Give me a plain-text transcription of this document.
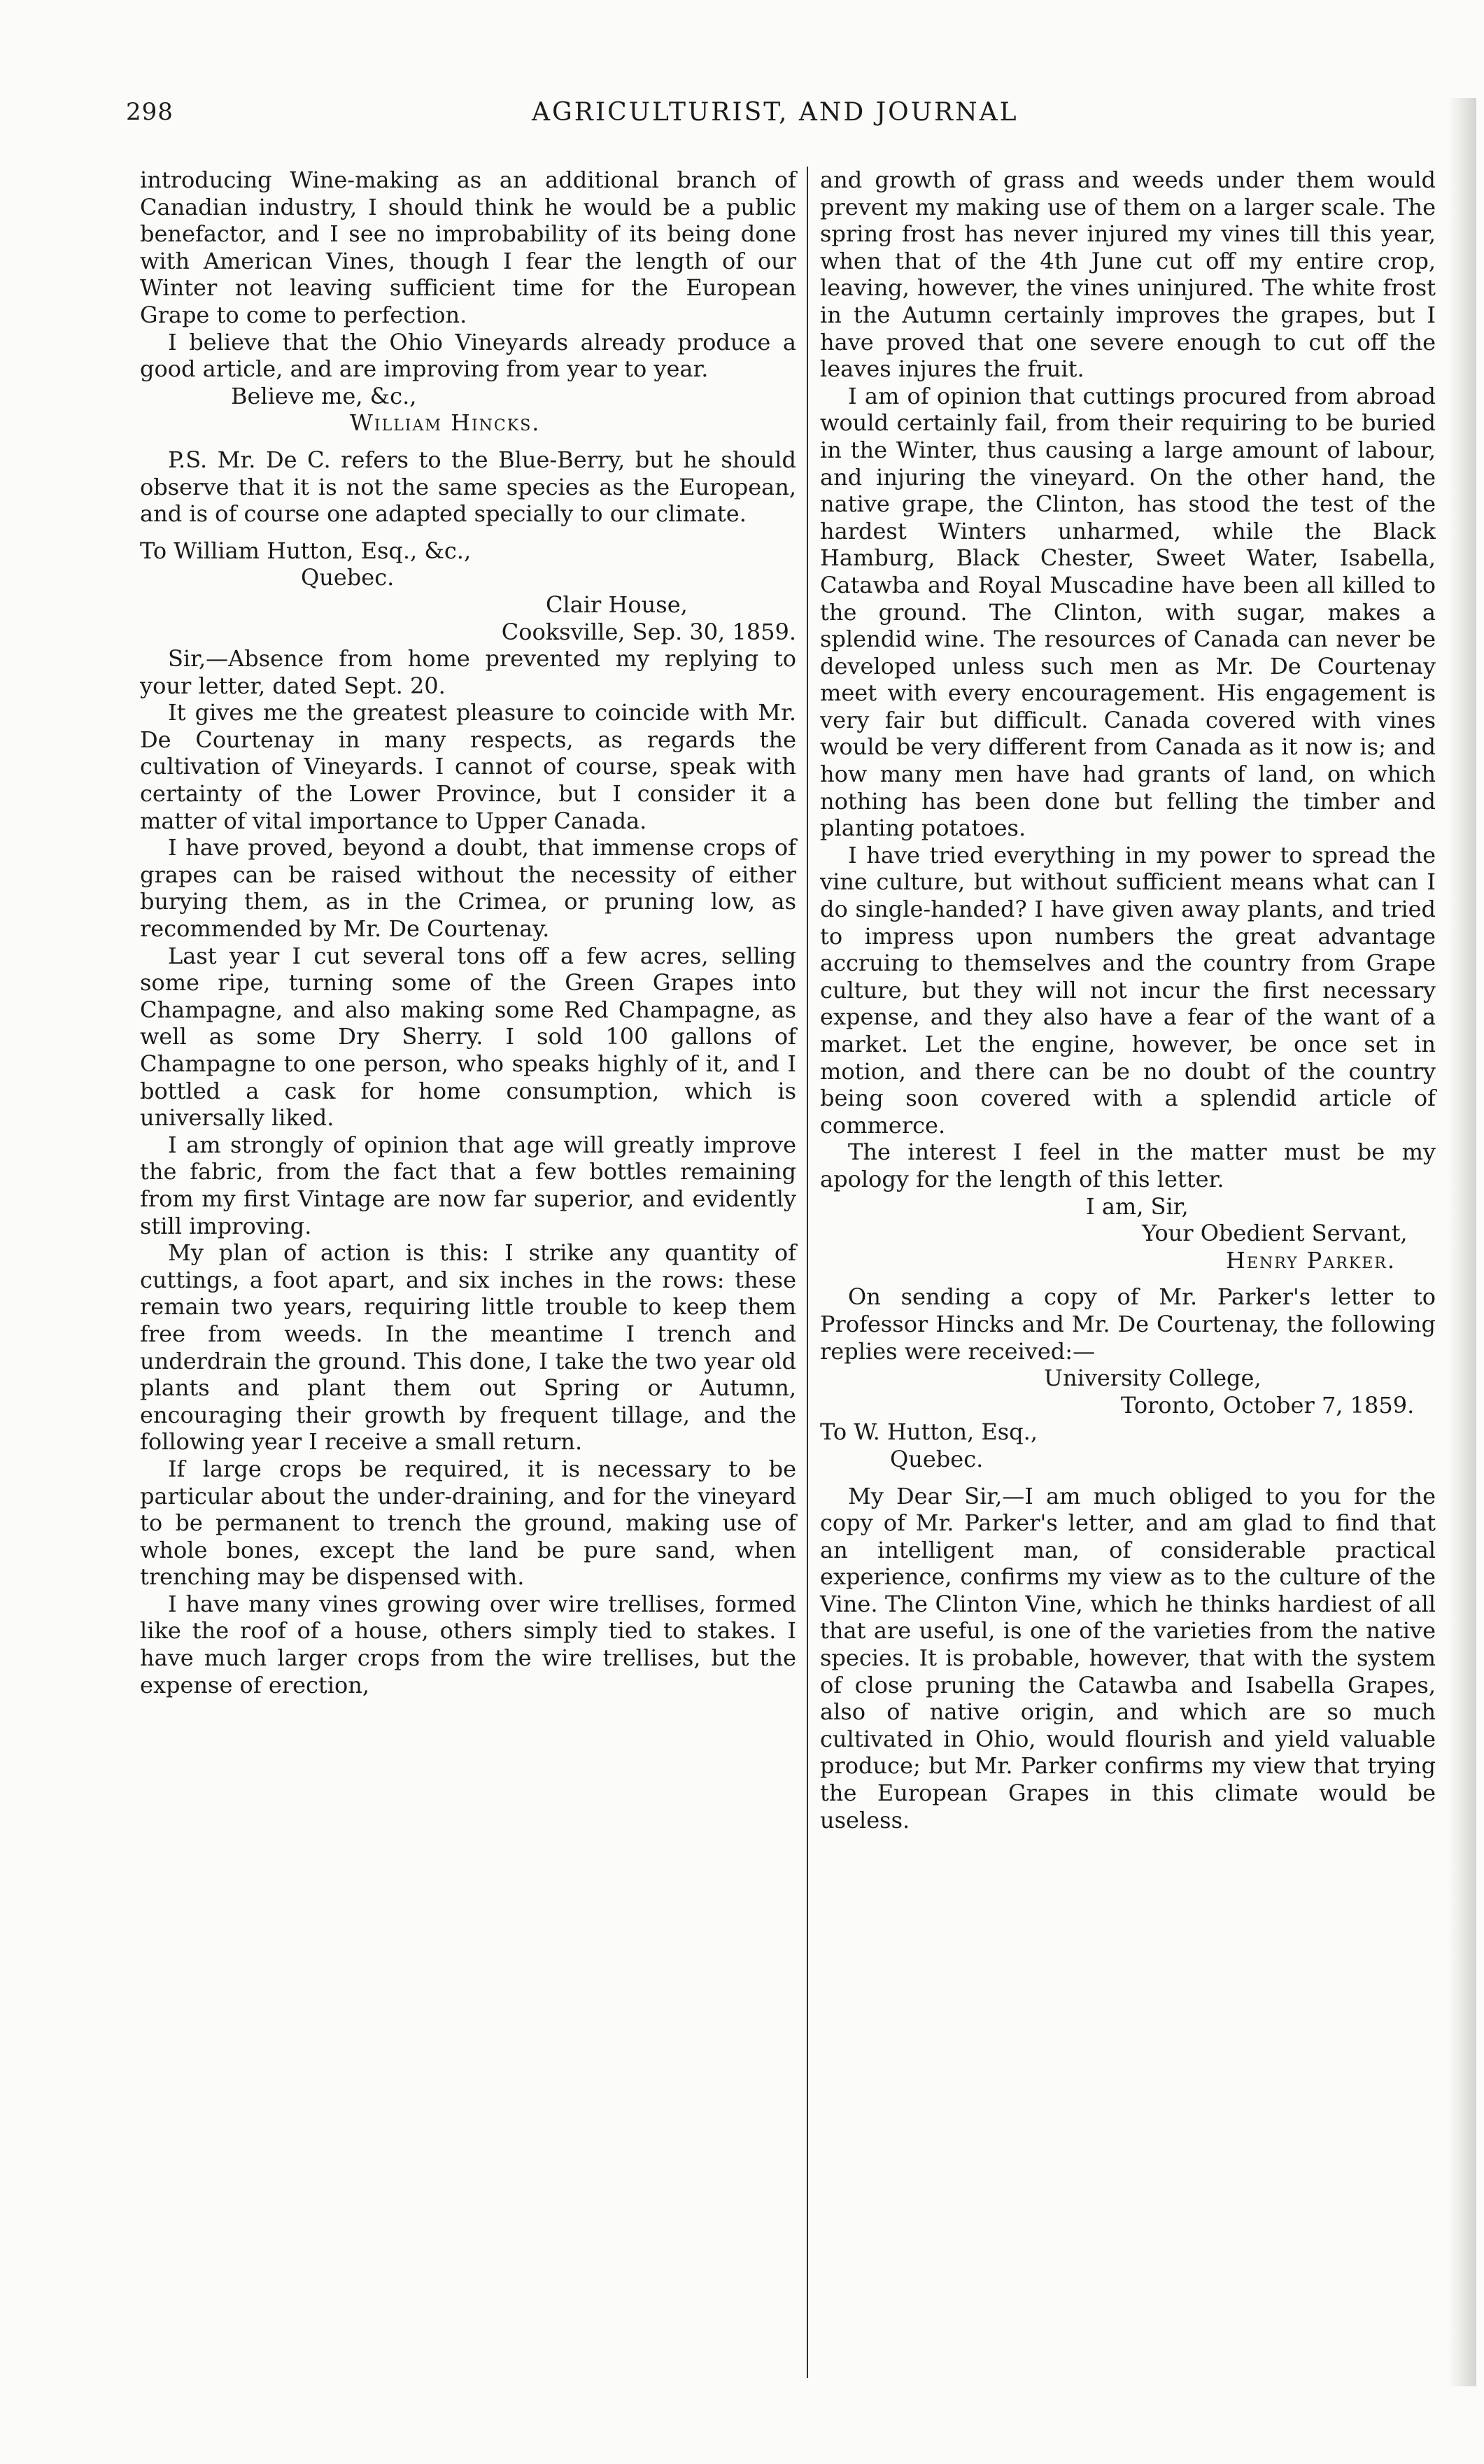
298	AGRICULTURIST, AND JOURNAL

introducing Wine-making as an additional branch of Canadian industry, I should think he would be a public benefactor, and I see no improbability of its being done with American Vines, though I fear the length of our Winter not leaving sufficient time for the European Grape to come to perfection.

I believe that the Ohio Vineyards already produce a good article, and are improving from year to year.

Believe me, &c.,
William Hincks.

P.S. Mr. De C. refers to the Blue-Berry, but he should observe that it is not the same species as the European, and is of course one adapted specially to our climate.

To William Hutton, Esq., &c.,
Quebec.
Clair House,
Cooksville, Sep. 30, 1859.

Sir,—Absence from home prevented my replying to your letter, dated Sept. 20.

It gives me the greatest pleasure to coincide with Mr. De Courtenay in many respects, as regards the cultivation of Vineyards. I cannot of course, speak with certainty of the Lower Province, but I consider it a matter of vital importance to Upper Canada.

I have proved, beyond a doubt, that immense crops of grapes can be raised without the necessity of either burying them, as in the Crimea, or pruning low, as recommended by Mr. De Courtenay.

Last year I cut several tons off a few acres, selling some ripe, turning some of the Green Grapes into Champagne, and also making some Red Champagne, as well as some Dry Sherry. I sold 100 gallons of Champagne to one person, who speaks highly of it, and I bottled a cask for home consumption, which is universally liked.

I am strongly of opinion that age will greatly improve the fabric, from the fact that a few bottles remaining from my first Vintage are now far superior, and evidently still improving.

My plan of action is this: I strike any quantity of cuttings, a foot apart, and six inches in the rows: these remain two years, requiring little trouble to keep them free from weeds. In the meantime I trench and underdrain the ground. This done, I take the two year old plants and plant them out Spring or Autumn, encouraging their growth by frequent tillage, and the following year I receive a small return.

If large crops be required, it is necessary to be particular about the under-draining, and for the vineyard to be permanent to trench the ground, making use of whole bones, except the land be pure sand, when trenching may be dispensed with.

I have many vines growing over wire trellises, formed like the roof of a house, others simply tied to stakes. I have much larger crops from the wire trellises, but the expense of erection,

and growth of grass and weeds under them would prevent my making use of them on a larger scale. The spring frost has never injured my vines till this year, when that of the 4th June cut off my entire crop, leaving, however, the vines uninjured. The white frost in the Autumn certainly improves the grapes, but I have proved that one severe enough to cut off the leaves injures the fruit.

I am of opinion that cuttings procured from abroad would certainly fail, from their requiring to be buried in the Winter, thus causing a large amount of labour, and injuring the vineyard. On the other hand, the native grape, the Clinton, has stood the test of the hardest Winters unharmed, while the Black Hamburg, Black Chester, Sweet Water, Isabella, Catawba and Royal Muscadine have been all killed to the ground. The Clinton, with sugar, makes a splendid wine. The resources of Canada can never be developed unless such men as Mr. De Courtenay meet with every encouragement. His engagement is very fair but difficult. Canada covered with vines would be very different from Canada as it now is; and how many men have had grants of land, on which nothing has been done but felling the timber and planting potatoes.

I have tried everything in my power to spread the vine culture, but without sufficient means what can I do single-handed? I have given away plants, and tried to impress upon numbers the great advantage accruing to themselves and the country from Grape culture, but they will not incur the first necessary expense, and they also have a fear of the want of a market. Let the engine, however, be once set in motion, and there can be no doubt of the country being soon covered with a splendid article of commerce.

The interest I feel in the matter must be my apology for the length of this letter.

I am, Sir,
Your Obedient Servant,
Henry Parker.

On sending a copy of Mr. Parker's letter to Professor Hincks and Mr. De Courtenay, the following replies were received:—

University College,
Toronto, October 7, 1859.
To W. Hutton, Esq.,
Quebec.

My Dear Sir,—I am much obliged to you for the copy of Mr. Parker's letter, and am glad to find that an intelligent man, of considerable practical experience, confirms my view as to the culture of the Vine. The Clinton Vine, which he thinks hardiest of all that are useful, is one of the varieties from the native species. It is probable, however, that with the system of close pruning the Catawba and Isabella Grapes, also of native origin, and which are so much cultivated in Ohio, would flourish and yield valuable produce; but Mr. Parker confirms my view that trying the European Grapes in this climate would be useless.
